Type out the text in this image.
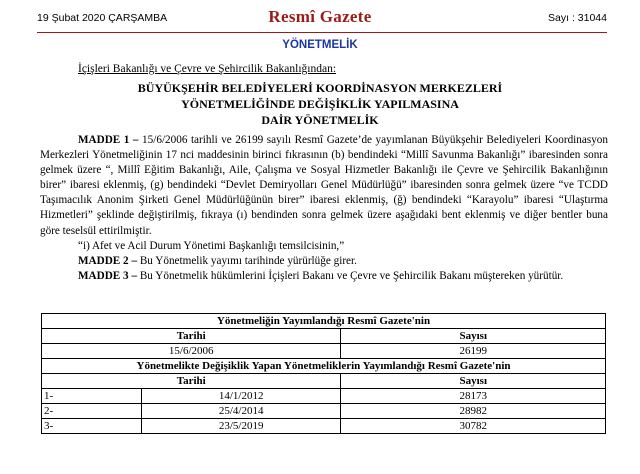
19 Şubat 2020 ÇARŞAMBA	Resmî Gazete	Sayı : 31044
YÖNETMELİK
İçişleri Bakanlığı ve Çevre ve Şehircilik Bakanlığından:
BÜYÜKŞEHİR BELEDİYELERİ KOORDİNASYON MERKEZLERİ
YÖNETMELİĞİNDE DEĞİŞİKLİK YAPILMASINA
DAİR YÖNETMELİK

MADDE 1 – 15/6/2006 tarihli ve 26199 sayılı Resmî Gazete’de yayımlanan Büyükşehir Belediyeleri Koordinasyon Merkezleri Yönetmeliğinin 17 nci maddesinin birinci fıkrasının (b) bendindeki “Millî Savunma Bakanlığı” ibaresinden sonra gelmek üzere “, Millî Eğitim Bakanlığı, Aile, Çalışma ve Sosyal Hizmetler Bakanlığı ile Çevre ve Şehircilik Bakanlığının birer” ibaresi eklenmiş, (g) bendindeki “Devlet Demiryolları Genel Müdürlüğü” ibaresinden sonra gelmek üzere “ve TCDD Taşımacılık Anonim Şirketi Genel Müdürlüğünün birer” ibaresi eklenmiş, (ğ) bendindeki “Karayolu” ibaresi “Ulaştırma Hizmetleri” şeklinde değiştirilmiş, fıkraya (ı) bendinden sonra gelmek üzere aşağıdaki bent eklenmiş ve diğer bentler buna göre teselsül ettirilmiştir.

“i) Afet ve Acil Durum Yönetimi Başkanlığı temsilcisinin,”

MADDE 2 – Bu Yönetmelik yayımı tarihinde yürürlüğe girer.

MADDE 3 – Bu Yönetmelik hükümlerini İçişleri Bakanı ve Çevre ve Şehircilik Bakanı müştereken yürütür.

Yönetmeliğin Yayımlandığı Resmî Gazete'nin		
Tarihi		Sayısı
15/6/2006		26199
Yönetmelikte Değişiklik Yapan Yönetmeliklerin Yayımlandığı Resmî Gazete'nin		
Tarihi		Sayısı
1-	14/1/2012	28173
2-	25/4/2014	28982
3-	23/5/2019	30782
